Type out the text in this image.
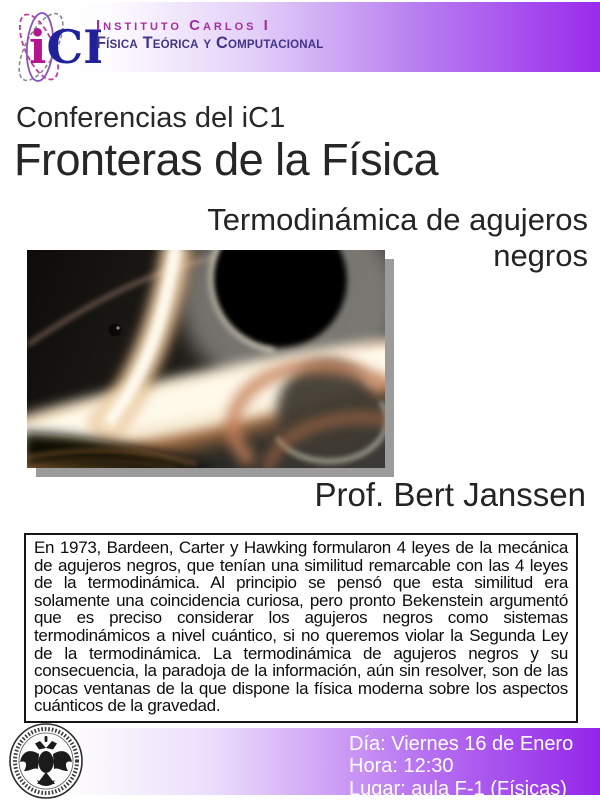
iCI
Instituto Carlos I
Física Teórica y Computacional
Conferencias del iC1
Fronteras de la Física
Termodinámica de agujeros negros
Prof. Bert Janssen

En 1973, Bardeen, Carter y Hawking formularon 4 leyes de la mecánica de agujeros negros, que tenían una similitud remarcable con las 4 leyes de la termodinámica. Al principio se pensó que esta similitud era solamente una coincidencia curiosa, pero pronto Bekenstein argumentó que es preciso considerar los agujeros negros como sistemas termodinámicos a nivel cuántico, si no queremos violar la Segunda Ley de la termodinámica. La termodinámica de agujeros negros y su consecuencia, la paradoja de la información, aún sin resolver, son de las pocas ventanas de la que dispone la física moderna sobre los aspectos cuánticos de la gravedad.

Día: Viernes 16 de Enero
Hora: 12:30
Lugar: aula F-1 (Físicas)
